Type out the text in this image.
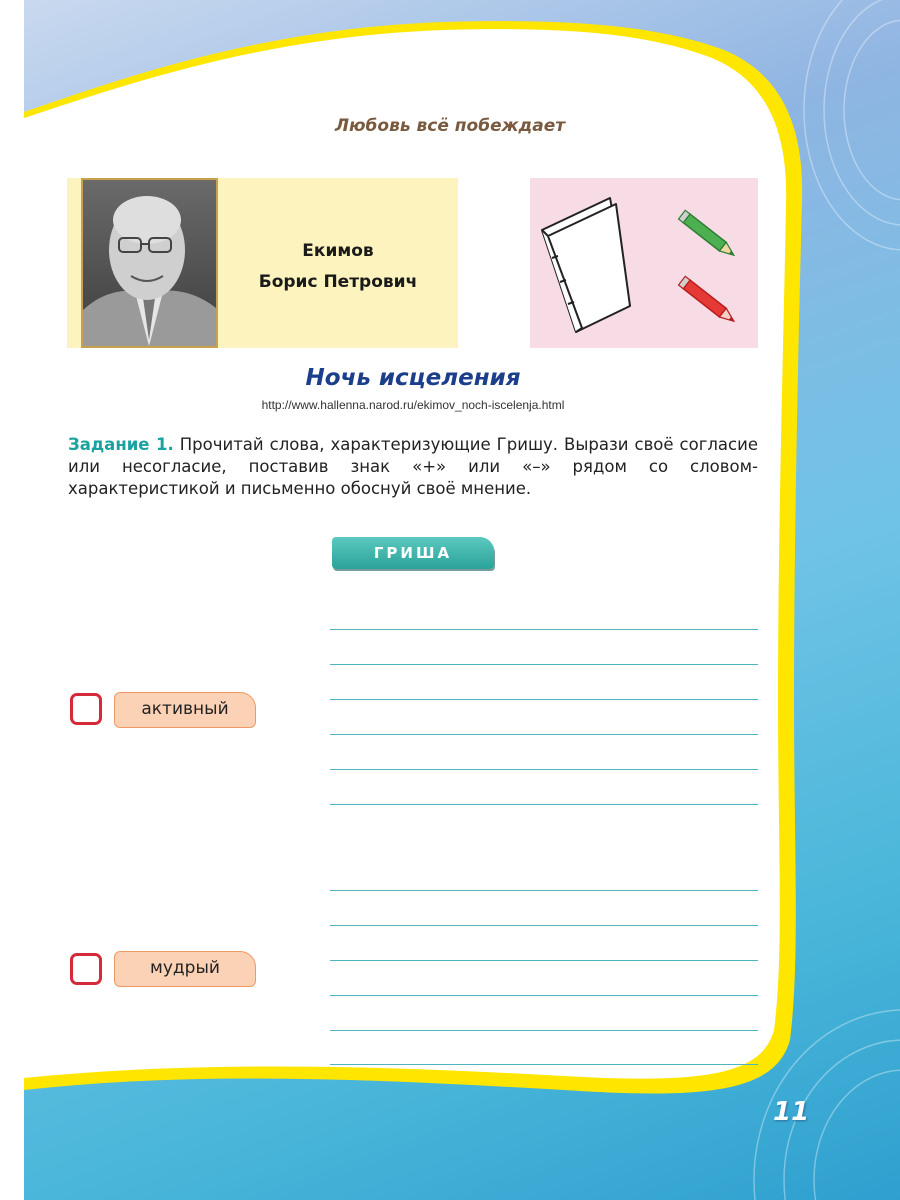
Любовь всё побеждает
Екимов
Борис Петрович
Ночь исцеления
http://www.hallenna.narod.ru/ekimov_noch-iscelenja.html
Задание 1. Прочитай слова, характеризующие Гришу. Вырази своё согласие или несогласие, поставив знак «+» или «–» рядом со словом-характеристикой и письменно обоснуй своё мнение.
ГРИША
активный
мудрый
11
